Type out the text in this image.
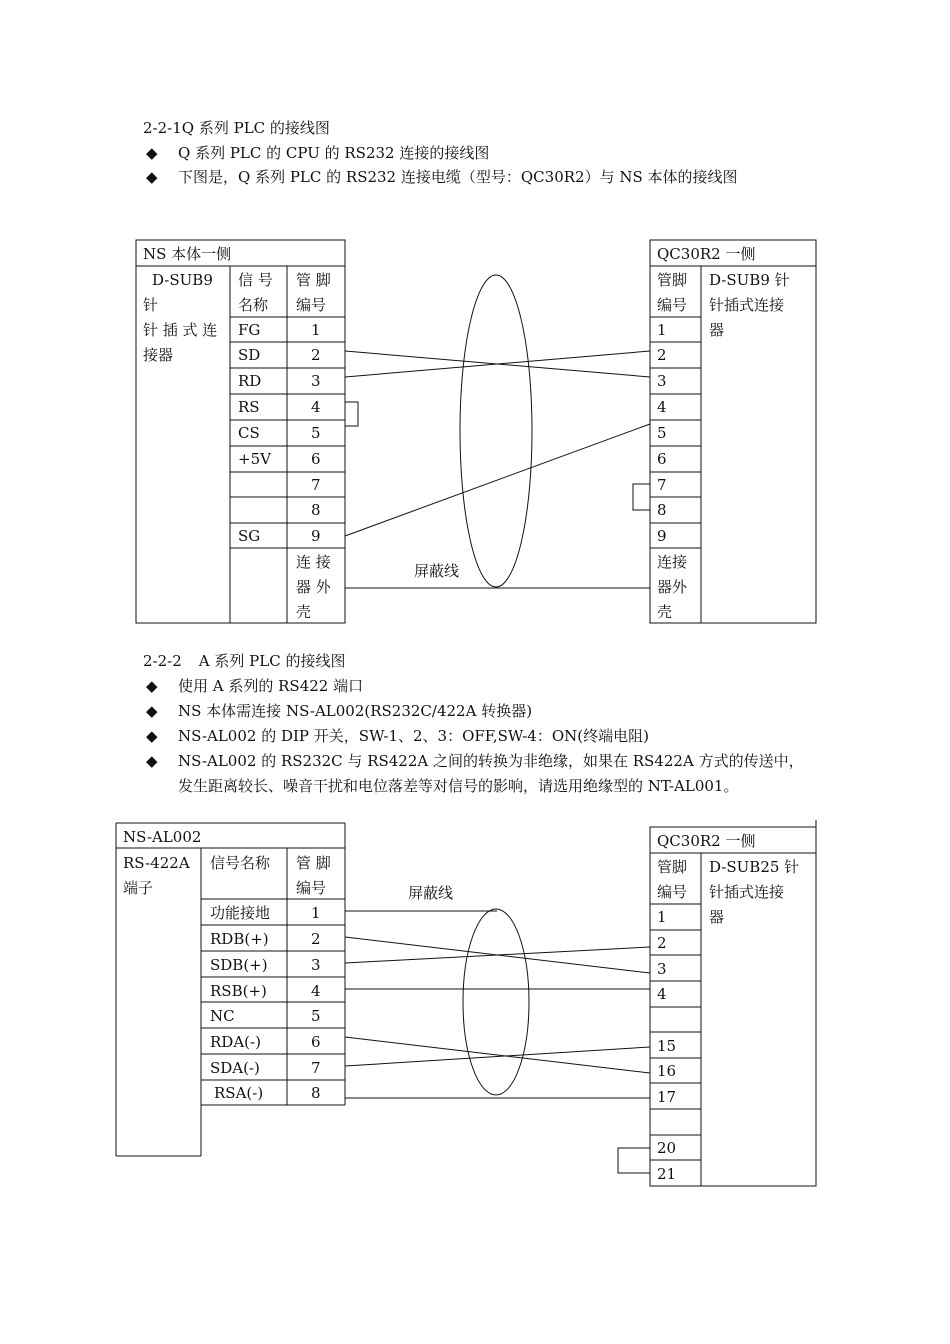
2-2-1Q 系列 PLC 的接线图
◆ Q 系列 PLC 的 CPU 的 RS232 连接的接线图
◆ 下图是，Q 系列 PLC 的 RS232 连接电缆（型号：QC30R2）与 NS 本体的接线图
NS 本体一侧
D-SUB9
针
针 插 式 连
接器
信 号
名称
管 脚
编号
FG	1
SD	2
RD	3
RS	4
CS	5
+5V	6
7
8
SG	9
连 接
器 外
壳
屏蔽线
QC30R2 一侧
管脚
编号
D-SUB9 针
针插式连接
器
1
2
3
4
5
6
7
8
9
连接
器外
壳
2-2-2 A 系列 PLC 的接线图
◆ 使用 A 系列的 RS422 端口
◆ NS 本体需连接 NS-AL002(RS232C/422A 转换器)
◆ NS-AL002 的 DIP 开关，SW-1、2、3：OFF,SW-4：ON(终端电阻)
◆ NS-AL002 的 RS232C 与 RS422A 之间的转换为非绝缘，如果在 RS422A 方式的传送中，
发生距离较长、噪音干扰和电位落差等对信号的影响，请选用绝缘型的 NT-AL001。
NS-AL002
RS-422A
端子
信号名称 管 脚
编号
功能接地	1
RDB(+)	2
SDB(+)	3
RSB(+)	4
NC	5
RDA(-)	6
SDA(-)	7
RSA(-)	8
屏蔽线
QC30R2 一侧
管脚
编号
D-SUB25 针
针插式连接
器
1
2
3
4
15
16
17
20
21
